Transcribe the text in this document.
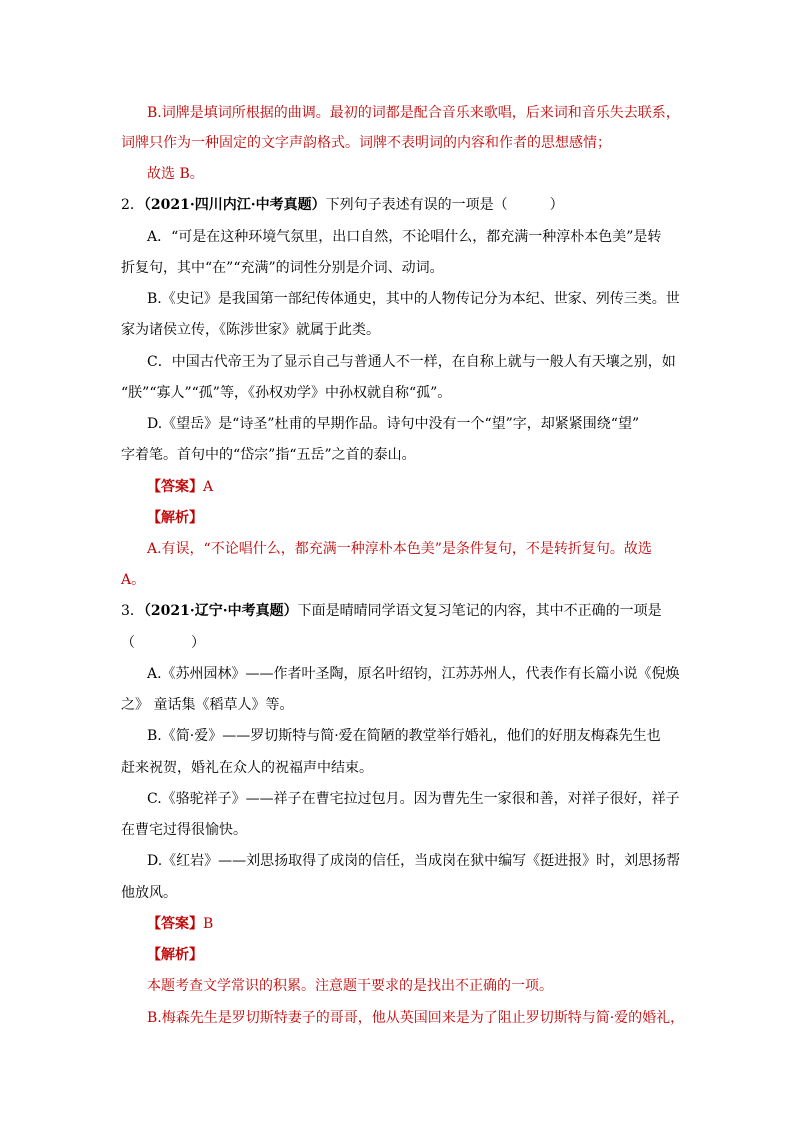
B.词牌是填词所根据的曲调。最初的词都是配合音乐来歌唱，后来词和音乐失去联系，
词牌只作为一种固定的文字声韵格式。词牌不表明词的内容和作者的思想感情；
故选 B。
2．（2021·四川内江·中考真题）下列句子表述有误的一项是（　　　）
A．“可是在这种环境气氛里，出口自然，不论唱什么，都充满一种淳朴本色美”是转
折复句，其中“在”“充满”的词性分别是介词、动词。
B.《史记》是我国第一部纪传体通史，其中的人物传记分为本纪、世家、列传三类。世
家为诸侯立传，《陈涉世家》就属于此类。
C．中国古代帝王为了显示自己与普通人不一样，在自称上就与一般人有天壤之别，如
“朕”“寡人”“孤”等，《孙权劝学》中孙权就自称“孤”。
D.《望岳》是“诗圣”杜甫的早期作品。诗句中没有一个“望”字，却紧紧围绕“望”
字着笔。首句中的“岱宗”指“五岳”之首的泰山。
【答案】A
【解析】
A.有误，“不论唱什么，都充满一种淳朴本色美”是条件复句，不是转折复句。故选
A。
3．（2021·辽宁·中考真题）下面是晴晴同学语文复习笔记的内容，其中不正确的一项是
（　　　　）
A.《苏州园林》——作者叶圣陶，原名叶绍钧，江苏苏州人，代表作有长篇小说《倪焕
之》 童话集《稻草人》等。
B.《简·爱》——罗切斯特与简·爱在简陋的教堂举行婚礼，他们的好朋友梅森先生也
赶来祝贺，婚礼在众人的祝福声中结束。
C.《骆驼祥子》——祥子在曹宅拉过包月。因为曹先生一家很和善，对祥子很好，祥子
在曹宅过得很愉快。
D.《红岩》——刘思扬取得了成岗的信任，当成岗在狱中编写《挺进报》时，刘思扬帮
他放风。
【答案】B
【解析】
本题考查文学常识的积累。注意题干要求的是找出不正确的一项。
B.梅森先生是罗切斯特妻子的哥哥，他从英国回来是为了阻止罗切斯特与简·爱的婚礼，
